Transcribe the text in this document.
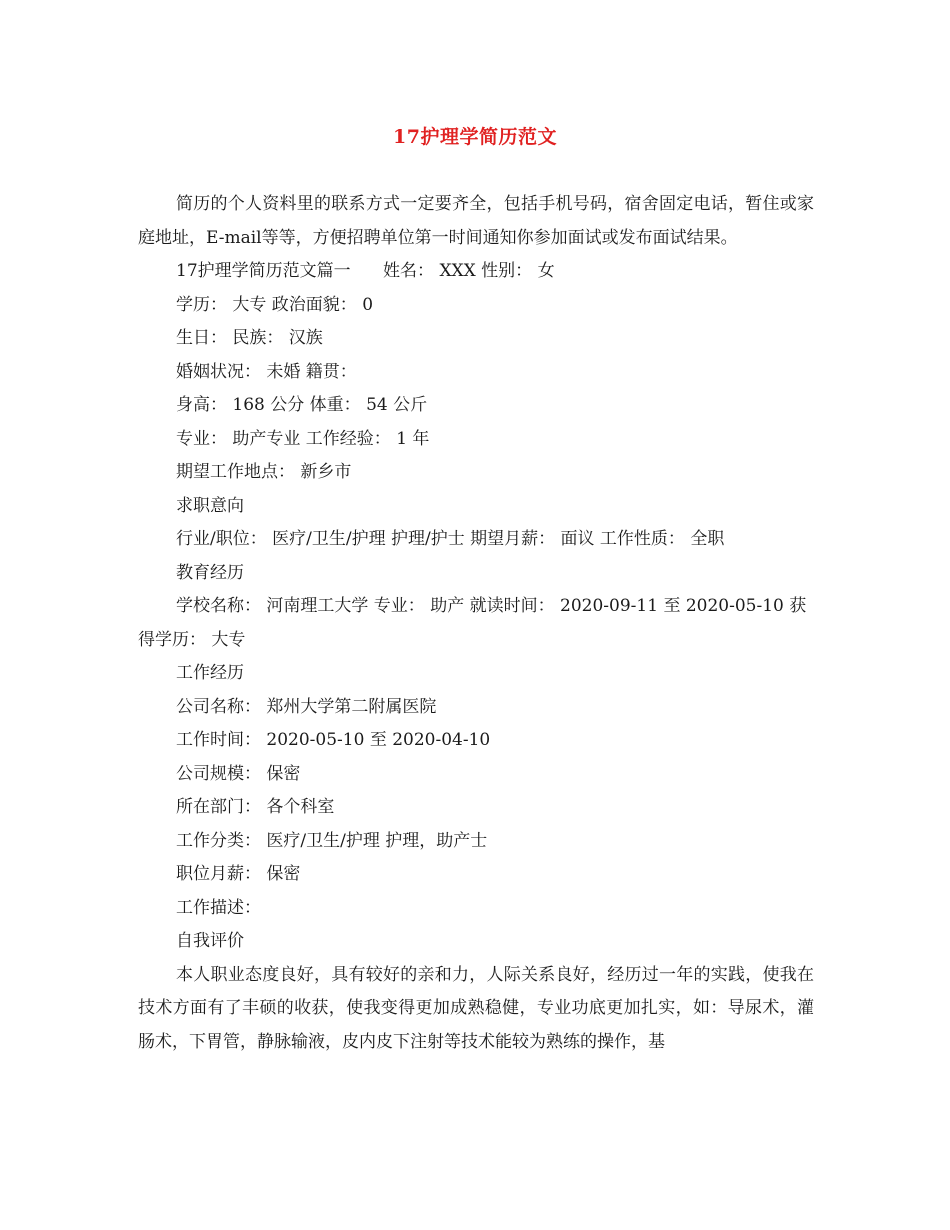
17护理学简历范文

简历的个人资料里的联系方式一定要齐全，包括手机号码，宿舍固定电话，暂住或家庭地址，E-mail等等，方便招聘单位第一时间通知你参加面试或发布面试结果。

17护理学简历范文篇一      姓名： XXX 性别： 女

学历： 大专 政治面貌： 0

生日： 民族： 汉族

婚姻状况： 未婚 籍贯：

身高： 168 公分 体重： 54 公斤

专业： 助产专业 工作经验： 1 年

期望工作地点： 新乡市

求职意向

行业/职位： 医疗/卫生/护理 护理/护士 期望月薪： 面议 工作性质： 全职

教育经历

学校名称： 河南理工大学 专业： 助产 就读时间： 2020-09-11 至 2020-05-10 获得学历： 大专

工作经历

公司名称： 郑州大学第二附属医院

工作时间： 2020-05-10 至 2020-04-10

公司规模： 保密

所在部门： 各个科室

工作分类： 医疗/卫生/护理 护理，助产士

职位月薪： 保密

工作描述：

自我评价

本人职业态度良好，具有较好的亲和力，人际关系良好，经历过一年的实践，使我在技术方面有了丰硕的收获，使我变得更加成熟稳健，专业功底更加扎实，如：导尿术，灌肠术，下胃管，静脉输液，皮内皮下注射等技术能较为熟练的操作，基
